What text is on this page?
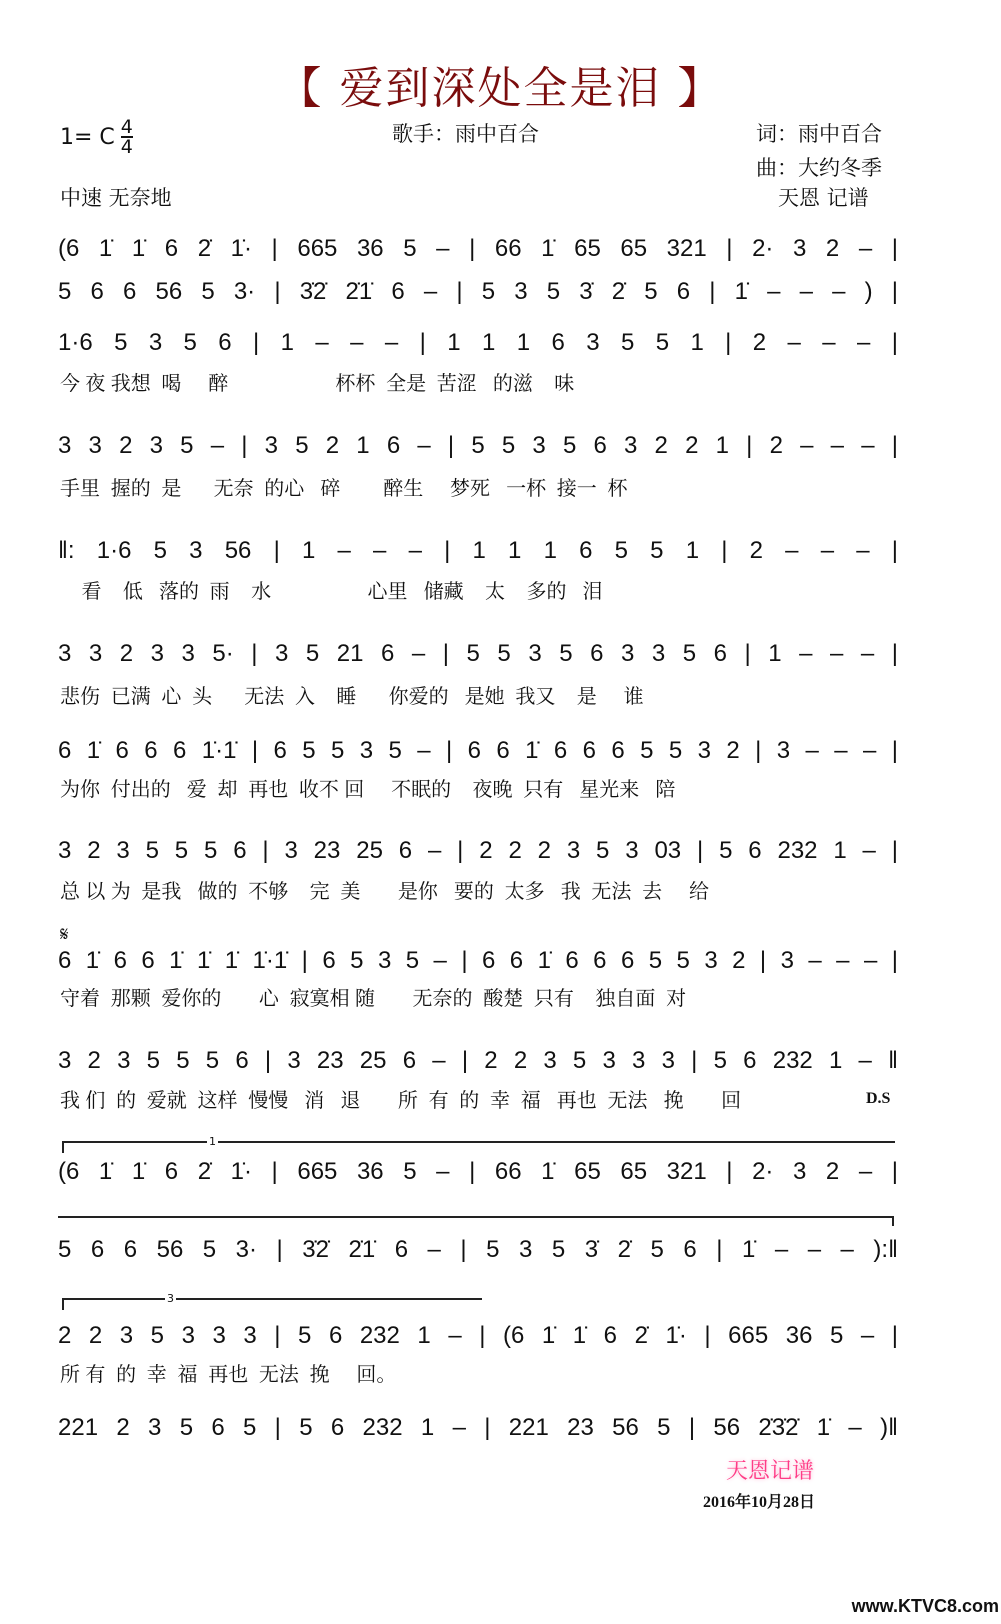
【 爱到深处全是泪 】
1= C $\frac{4}{4}$	歌手：雨中百合	词：雨中百合
曲：大约冬季
天恩 记谱
中速 无奈地
(6 1̇ 1̇ 6 2̇ 1̇· | 665 36 5 – | 66 1̇ 65 65 321 | 2· 3 2 – |
5 6 6 56 5 3· | 3̇2̇ 2̇1̇ 6 – | 5 3 5 3̇ 2̇ 5 6 | 1̇ – – – ) |
1·6 5 3 5 6 | 1 – – – | 1 1 1 6 3 5 5 1 | 2 – – – |
今 夜 我想  喝     醉                    杯杯  全是  苦涩   的滋    味
3 3 2 3 5 – | 3 5 2 1 6 – | 5 5 3 5 6 3 2 2 1 | 2 – – – |
手里  握的  是      无奈  的心   碎        醉生     梦死   一杯  接一  杯
‖: 1·6 5 3 56 | 1 – – – | 1 1 1 6 5 5 1 | 2 – – – |
看    低   落的  雨    水                  心里   储藏    太    多的   泪
3 3 2 3 3 5· | 3 5 21 6 – | 5 5 3 5 6 3 3 5 6 | 1 – – – |
悲伤  已满  心  头      无法  入    睡      你爱的   是她  我又    是     谁
6 1̇ 6 6 6 1̇·1̇ | 6 5 5 3 5 – | 6 6 1̇ 6 6 6 5 5 3 2 | 3 – – – |
为你  付出的   爱  却  再也  收不 回     不眠的    夜晚  只有   星光来   陪
3 2 3 5 5 5 6 | 3 23 25 6 – | 2 2 2 3 5 3 03 | 5 6 232 1 – |
总 以 为  是我   做的  不够    完  美       是你   要的  太多   我  无法  去     给
𝄋
6 1̇ 6 6 1̇ 1̇ 1̇ 1̇·1̇ | 6 5 3 5 – | 6 6 1̇ 6 6 6 5 5 3 2 | 3 – – – |
守着  那颗  爱你的       心  寂寞相 随       无奈的  酸楚  只有    独自面  对
3 2 3 5 5 5 6 | 3 23 25 6 – | 2 2 3 5 3 3 3 | 5 6 232 1 – ‖
我 们  的  爱就  这样  慢慢   消   退       所  有  的  幸  福   再也  无法   挽       回	D.S
1
(6 1̇ 1̇ 6 2̇ 1̇· | 665 36 5 – | 66 1̇ 65 65 321 | 2· 3 2 – |
5 6 6 56 5 3· | 3̇2̇ 2̇1̇ 6 – | 5 3 5 3̇ 2̇ 5 6 | 1̇ – – – ):‖
3
2 2 3 5 3 3 3 | 5 6 232 1 – | (6 1̇ 1̇ 6 2̇ 1̇· | 665 36 5 – |
所 有  的  幸  福  再也  无法  挽     回。
221 2 3 5 6 5 | 5 6 232 1 – | 221 23 56 5 | 56 2̇3̇2̇ 1̇ – )‖
天恩记谱
2016年10月28日
www.KTVC8.com
